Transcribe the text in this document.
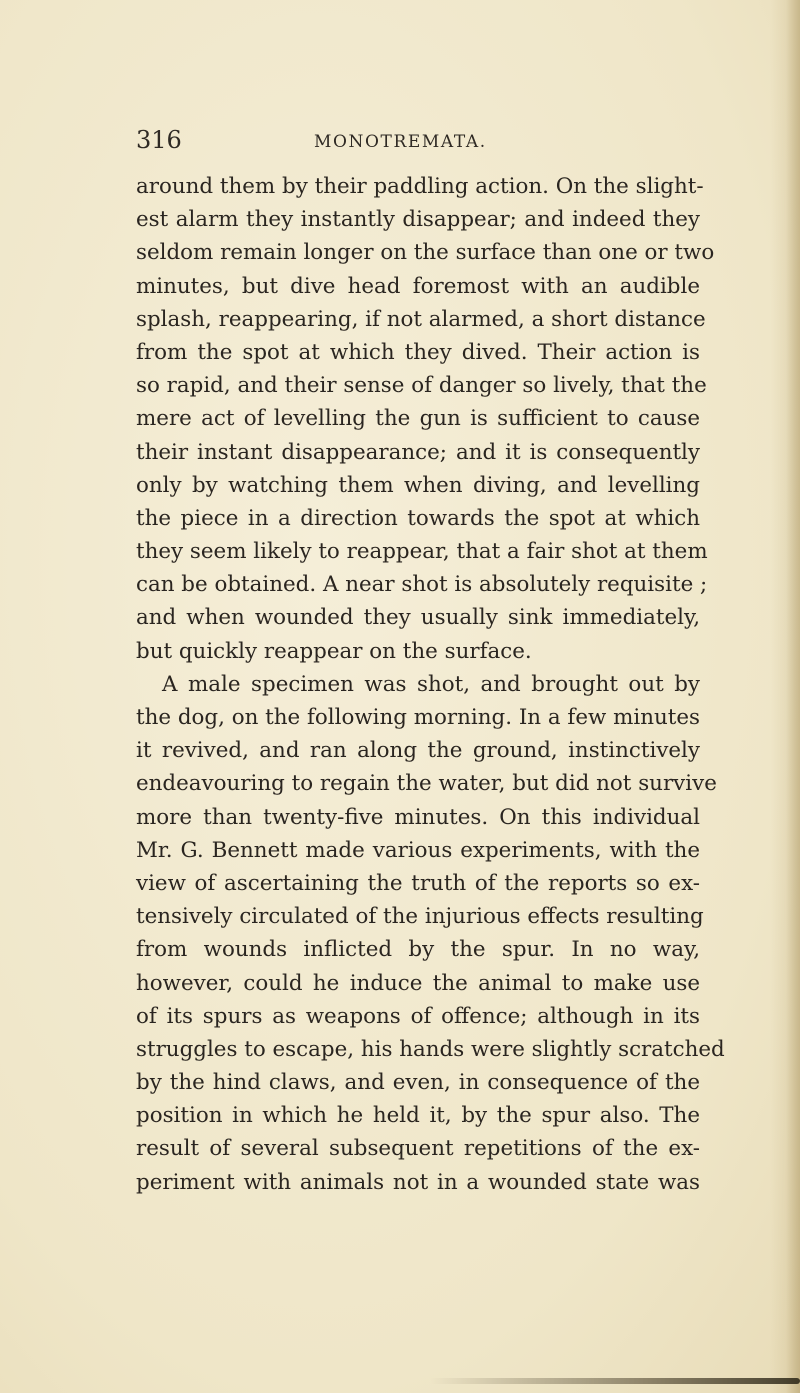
316	MONOTREMATA.
around them by their paddling action. On the slight-
est alarm they instantly disappear; and indeed they
seldom remain longer on the surface than one or two
minutes, but dive head foremost with an audible
splash, reappearing, if not alarmed, a short distance
from the spot at which they dived. Their action is
so rapid, and their sense of danger so lively, that the
mere act of levelling the gun is sufficient to cause
their instant disappearance; and it is consequently
only by watching them when diving, and levelling
the piece in a direction towards the spot at which
they seem likely to reappear, that a fair shot at them
can be obtained. A near shot is absolutely requisite ;
and when wounded they usually sink immediately,
but quickly reappear on the surface.
A male specimen was shot, and brought out by
the dog, on the following morning. In a few minutes
it revived, and ran along the ground, instinctively
endeavouring to regain the water, but did not survive
more than twenty-five minutes. On this individual
Mr. G. Bennett made various experiments, with the
view of ascertaining the truth of the reports so ex-
tensively circulated of the injurious effects resulting
from wounds inflicted by the spur. In no way,
however, could he induce the animal to make use
of its spurs as weapons of offence; although in its
struggles to escape, his hands were slightly scratched
by the hind claws, and even, in consequence of the
position in which he held it, by the spur also. The
result of several subsequent repetitions of the ex-
periment with animals not in a wounded state was
